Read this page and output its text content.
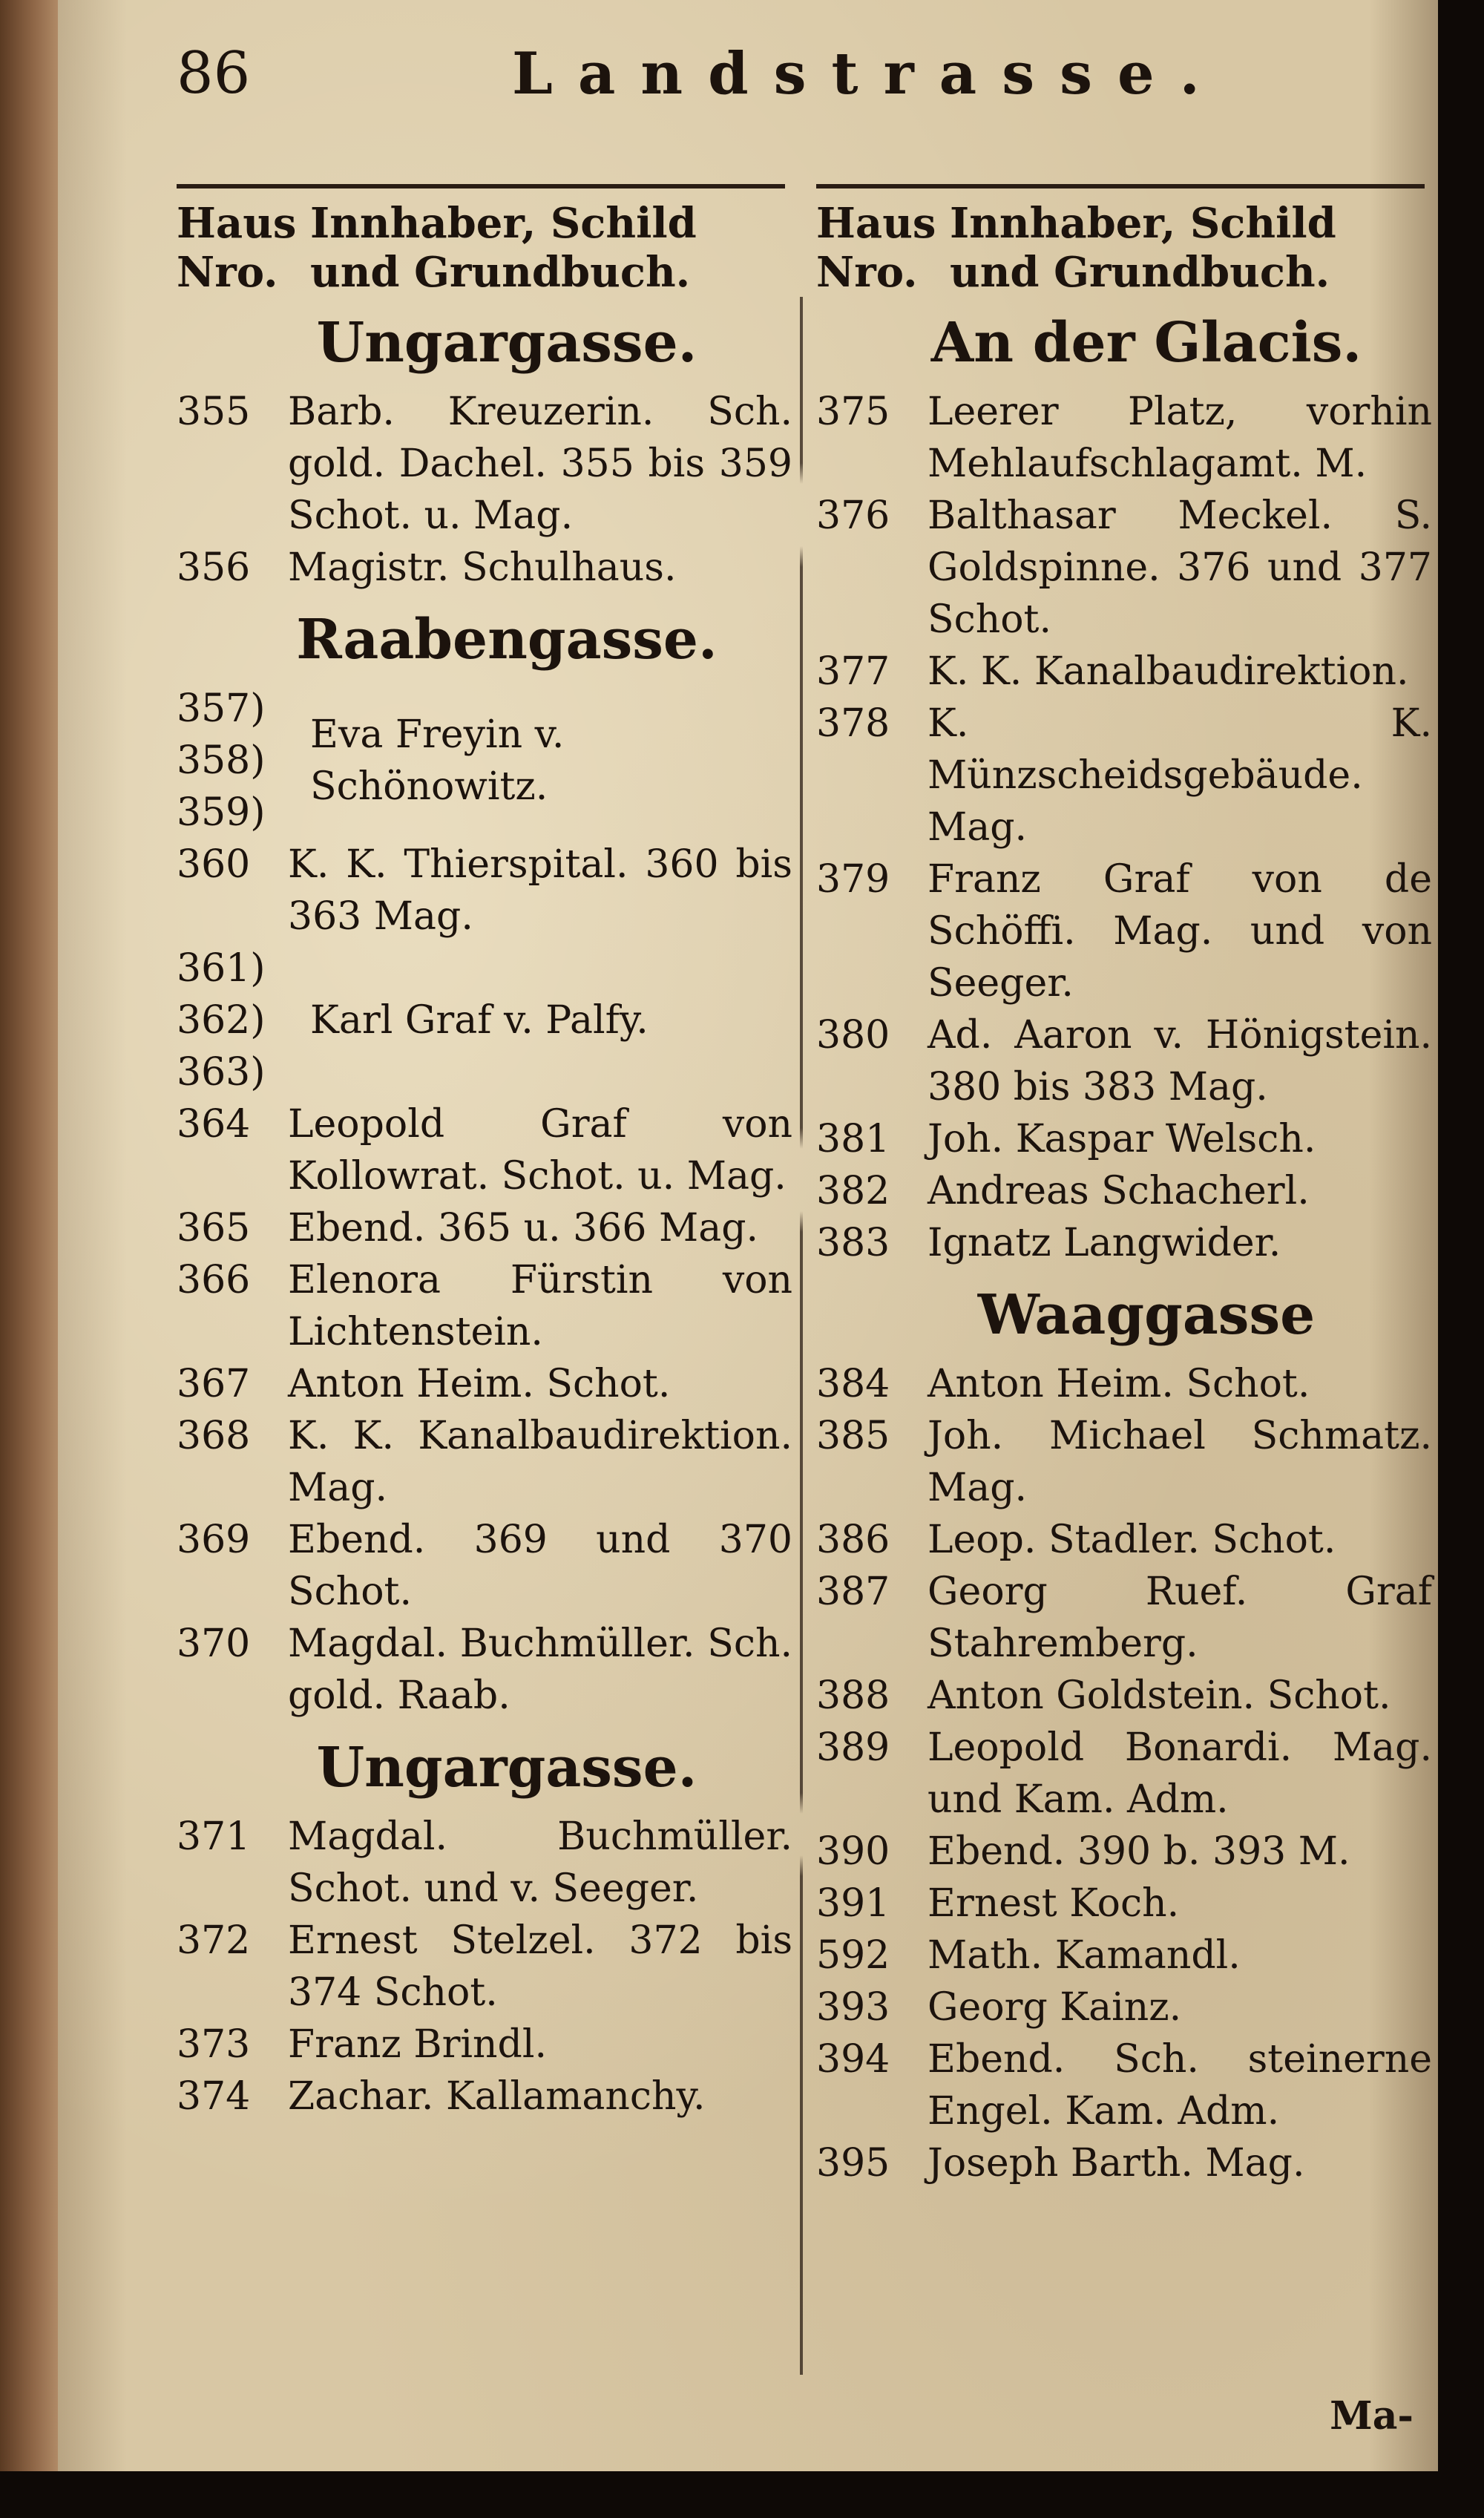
86	Landstrasse.
Haus
Nro.
Innhaber, Schild
und Grundbuch.
Ungargasse.
355 Barb. Kreuzerin. Sch. gold. Dachel. 355 bis 359 Schot. u. Mag.
356 Magistr. Schulhaus.
Raabengasse.
357)
358)
359)
Eva Freyin v. Schönowitz.
360 K. K. Thierspital. 360 bis 363 Mag.
361)
362)
363)
Karl Graf v. Palfy.
364 Leopold Graf von Kollowrat. Schot. u. Mag.
365 Ebend. 365 u. 366 Mag.
366 Elenora Fürstin von Lichtenstein.
367 Anton Heim. Schot.
368 K. K. Kanalbaudirektion. Mag.
369 Ebend. 369 und 370 Schot.
370 Magdal. Buchmüller. Sch. gold. Raab.
Ungargasse.
371 Magdal. Buchmüller. Schot. und v. Seeger.
372 Ernest Stelzel. 372 bis 374 Schot.
373 Franz Brindl.
374 Zachar. Kallamanchy.
Haus
Nro.
Innhaber, Schild
und Grundbuch.
An der Glacis.
375 Leerer Platz, vorhin Mehlaufschlagamt. M.
376 Balthasar Meckel. S. Goldspinne. 376 und 377 Schot.
377 K. K. Kanalbaudirektion.
378 K. K. Münzscheidsgebäude. Mag.
379 Franz Graf von de Schöffi. Mag. und von Seeger.
380 Ad. Aaron v. Hönigstein. 380 bis 383 Mag.
381 Joh. Kaspar Welsch.
382 Andreas Schacherl.
383 Ignatz Langwider.
Waaggasse
384 Anton Heim. Schot.
385 Joh. Michael Schmatz. Mag.
386 Leop. Stadler. Schot.
387 Georg Ruef. Graf Stahremberg.
388 Anton Goldstein. Schot.
389 Leopold Bonardi. Mag. und Kam. Adm.
390 Ebend. 390 b. 393 M.
391 Ernest Koch.
592 Math. Kamandl.
393 Georg Kainz.
394 Ebend. Sch. steinerne Engel. Kam. Adm.
395 Joseph Barth. Mag.
Ma-
